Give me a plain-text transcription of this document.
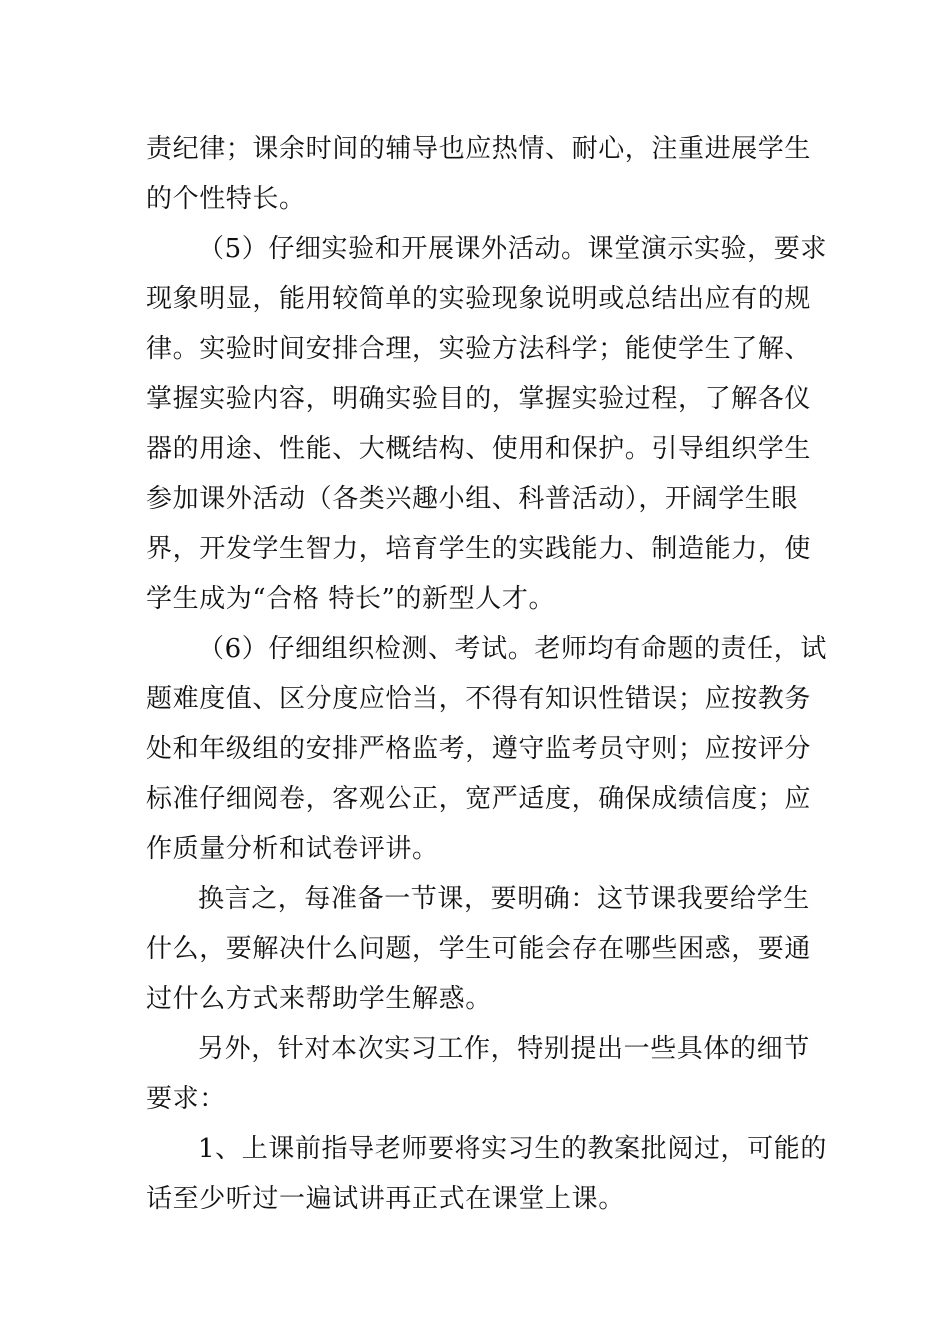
责纪律；课余时间的辅导也应热情、耐心，注重进展学生
的个性特长。
（5）仔细实验和开展课外活动。课堂演示实验，要求
现象明显，能用较简单的实验现象说明或总结出应有的规
律。实验时间安排合理，实验方法科学；能使学生了解、
掌握实验内容，明确实验目的，掌握实验过程，了解各仪
器的用途、性能、大概结构、使用和保护。引导组织学生
参加课外活动（各类兴趣小组、科普活动），开阔学生眼
界，开发学生智力，培育学生的实践能力、制造能力，使
学生成为“合格 特长”的新型人才。
（6）仔细组织检测、考试。老师均有命题的责任，试
题难度值、区分度应恰当，不得有知识性错误；应按教务
处和年级组的安排严格监考，遵守监考员守则；应按评分
标准仔细阅卷，客观公正，宽严适度，确保成绩信度；应
作质量分析和试卷评讲。
换言之，每准备一节课，要明确：这节课我要给学生
什么，要解决什么问题，学生可能会存在哪些困惑，要通
过什么方式来帮助学生解惑。
另外，针对本次实习工作，特别提出一些具体的细节
要求：
1、上课前指导老师要将实习生的教案批阅过，可能的
话至少听过一遍试讲再正式在课堂上课。
